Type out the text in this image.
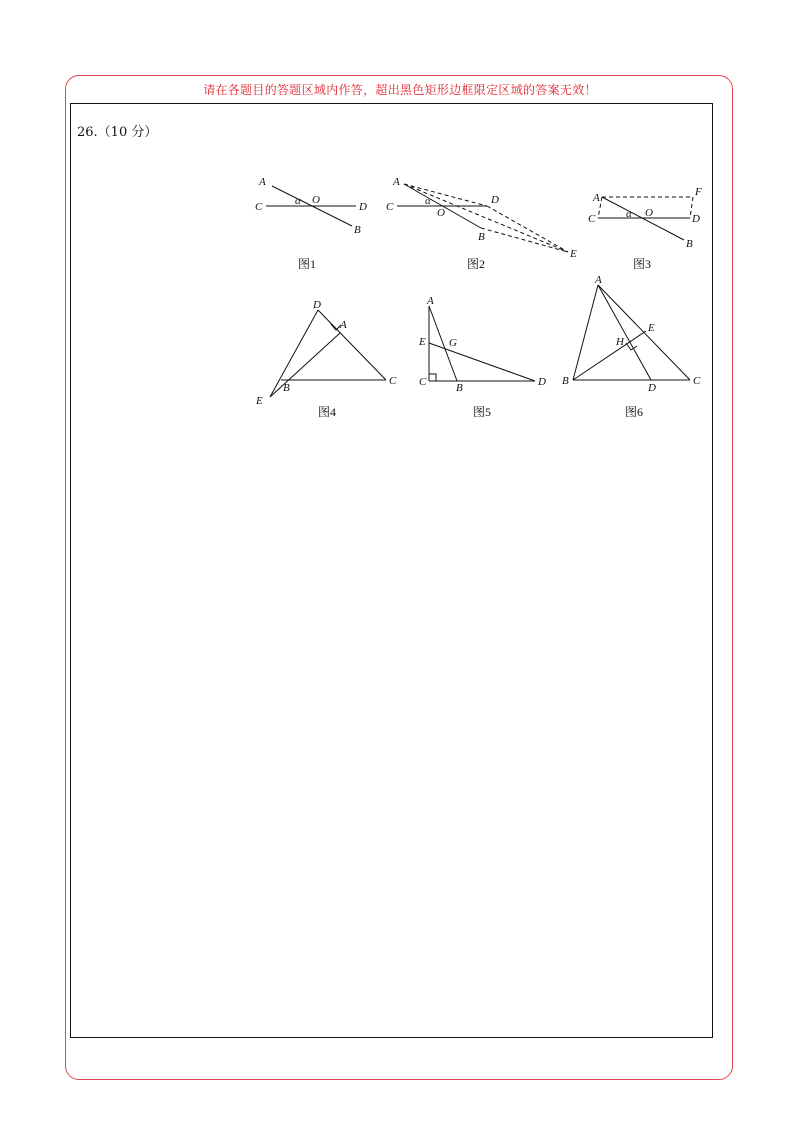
请在各题目的答题区域内作答，超出黑色矩形边框限定区域的答案无效！
26.（10 分）
A
O
D
C
B
α
图1
A
D
C	O
B
E
α
图2
A	F
C	O	D
B
α
图3
D
A
E
B
C
图4
A
E G
C	B	D
图5
A
E
H
B
D
C
图6
